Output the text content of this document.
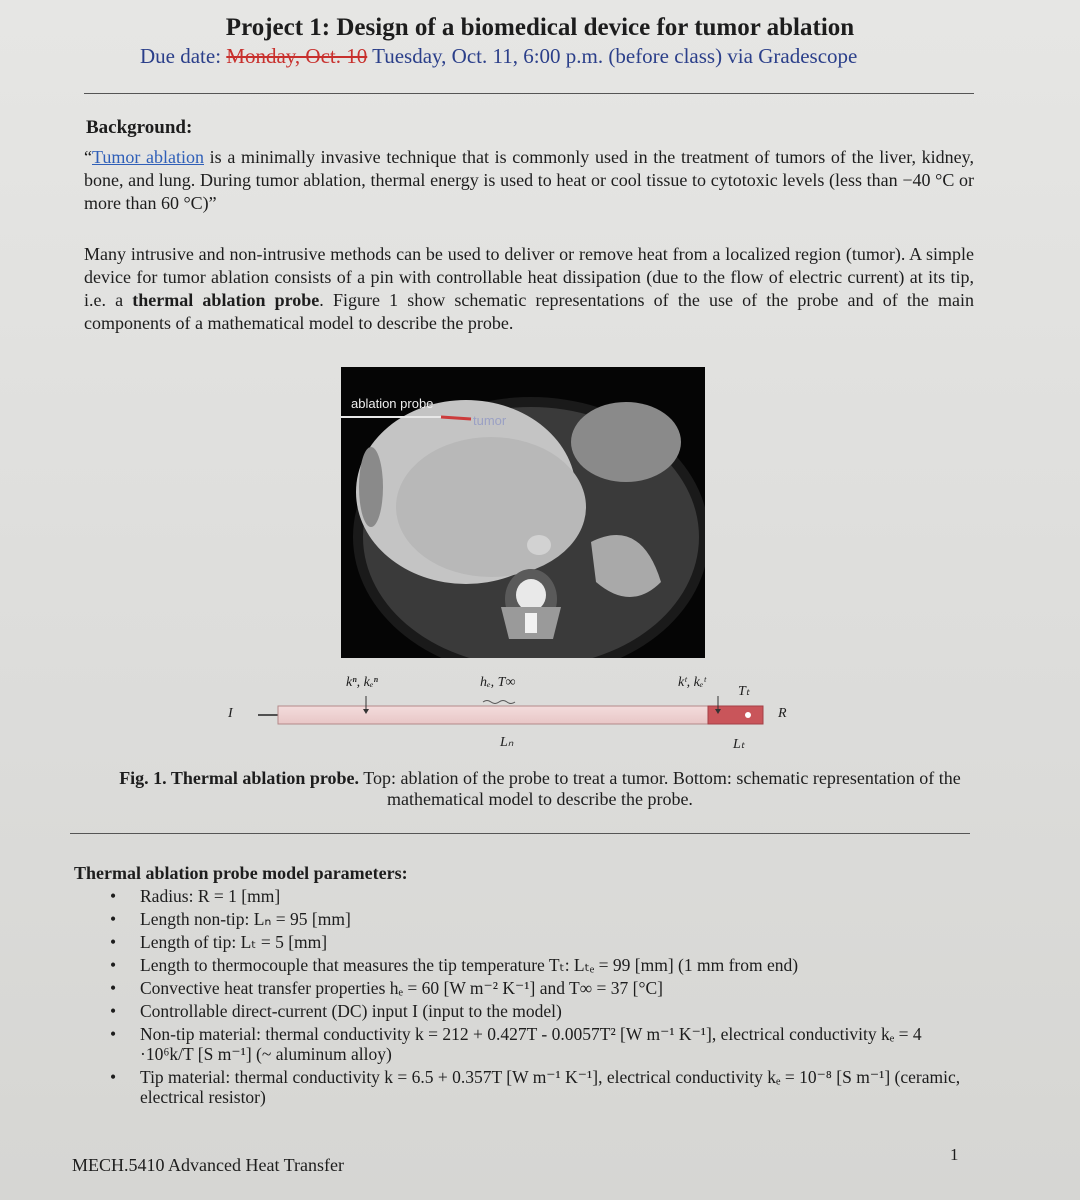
Project 1: Design of a biomedical device for tumor ablation
Due date: Monday, Oct. 10 Tuesday, Oct. 11, 6:00 p.m. (before class) via Gradescope
Background:
“Tumor ablation is a minimally invasive technique that is commonly used in the treatment of tumors of the liver, kidney, bone, and lung. During tumor ablation, thermal energy is used to heat or cool tissue to cytotoxic levels (less than −40 °C or more than 60 °C)”
Many intrusive and non-intrusive methods can be used to deliver or remove heat from a localized region (tumor). A simple device for tumor ablation consists of a pin with controllable heat dissipation (due to the flow of electric current) at its tip, i.e. a thermal ablation probe. Figure 1 show schematic representations of the use of the probe and of the main components of a mathematical model to describe the probe.
ablation probe
tumor
I
kⁿ, kₑⁿ	hₑ, T∞	kᵗ, kₑᵗ
Tₜ
R
Lₙ	Lₜ
Fig. 1. Thermal ablation probe. Top: ablation of the probe to treat a tumor. Bottom: schematic representation of the mathematical model to describe the probe.
Thermal ablation probe model parameters:
• Radius: R = 1 [mm]
• Length non-tip: Lₙ = 95 [mm]
• Length of tip: Lₜ = 5 [mm]
• Length to thermocouple that measures the tip temperature Tₜ: Lₜₑ = 99 [mm] (1 mm from end)
• Convective heat transfer properties hₑ = 60 [W m⁻² K⁻¹] and T∞ = 37 [°C]
• Controllable direct-current (DC) input I (input to the model)
• Non-tip material: thermal conductivity k = 212 + 0.427T - 0.0057T² [W m⁻¹ K⁻¹], electrical conductivity kₑ = 4 ·10⁶k/T [S m⁻¹] (~ aluminum alloy)
• Tip material: thermal conductivity k = 6.5 + 0.357T [W m⁻¹ K⁻¹], electrical conductivity kₑ = 10⁻⁸ [S m⁻¹] (ceramic, electrical resistor)
MECH.5410 Advanced Heat Transfer
1
